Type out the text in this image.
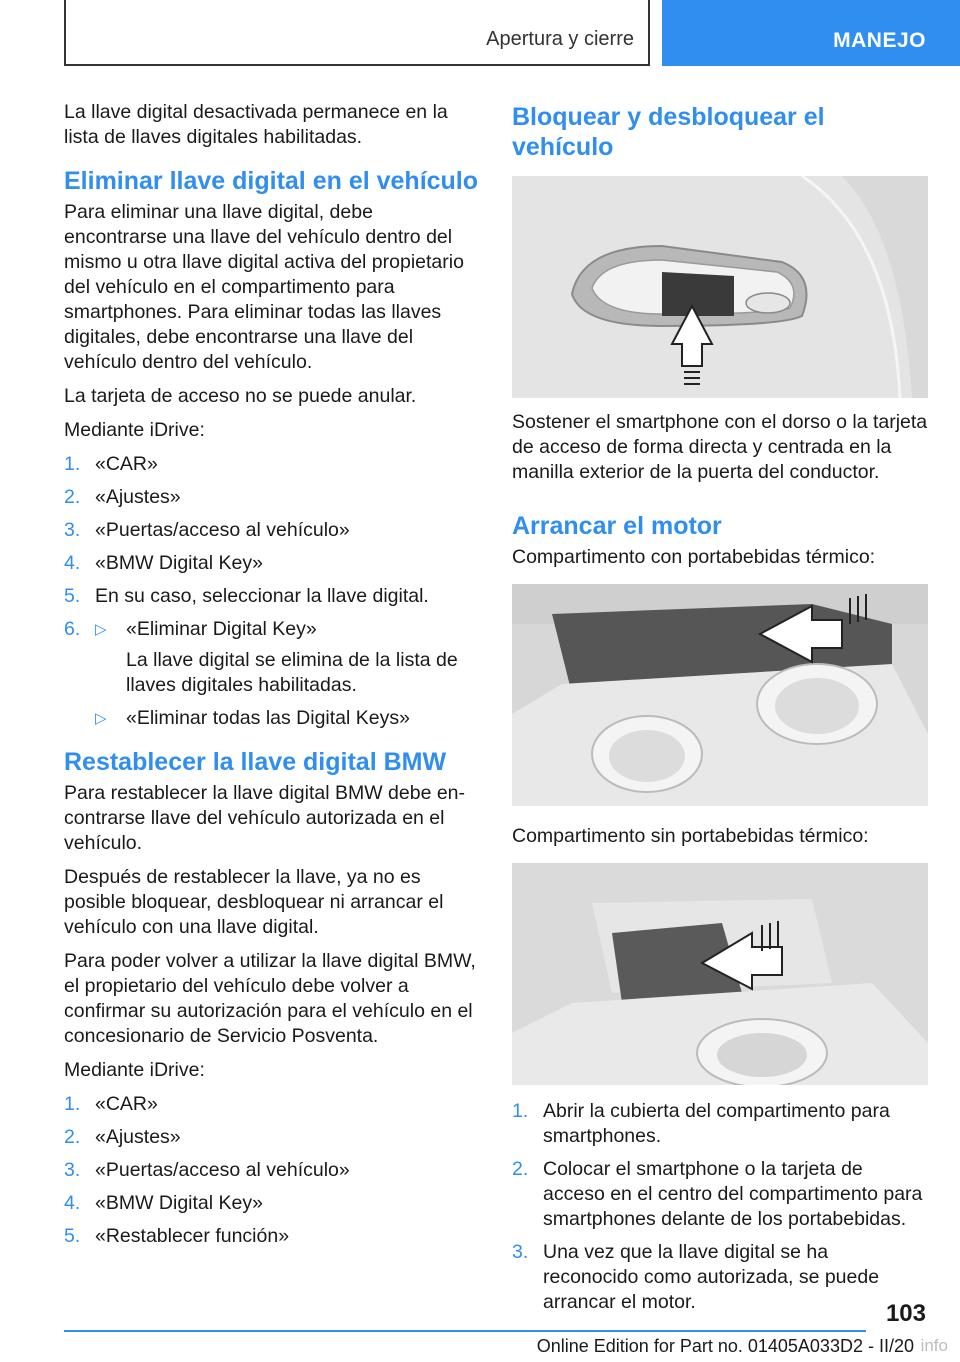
Apertura y cierre	MANEJO

La llave digital desactivada permanece en la lista de llaves digitales habilitadas.

Eliminar llave digital en el vehículo

Para eliminar una llave digital, debe encontrarse una llave del vehículo dentro del mismo u otra llave digital activa del propietario del vehículo en el compartimento para smartphones. Para eliminar todas las llaves digitales, debe encontrarse una llave del vehículo dentro del vehículo.

La tarjeta de acceso no se puede anular.

Mediante iDrive:

1. «CAR»
2. «Ajustes»
3. «Puertas/acceso al vehículo»
4. «BMW Digital Key»
5. En su caso, seleccionar la llave digital.
6. ▷ «Eliminar Digital Key»

La llave digital se elimina de la lista de llaves digitales habilitadas.

▷ «Eliminar todas las Digital Keys»
Restablecer la llave digital BMW

Para restablecer la llave digital BMW debe encontrarse llave del vehículo autorizada en el vehículo.

Después de restablecer la llave, ya no es posible bloquear, desbloquear ni arrancar el vehículo con una llave digital.

Para poder volver a utilizar la llave digital BMW, el propietario del vehículo debe volver a confirmar su autorización para el vehículo en el concesionario de Servicio Posventa.

Mediante iDrive:

1. «CAR»
2. «Ajustes»
3. «Puertas/acceso al vehículo»
4. «BMW Digital Key»
5. «Restablecer función»
Bloquear y desbloquear el vehículo

Sostener el smartphone con el dorso o la tarjeta de acceso de forma directa y centrada en la manilla exterior de la puerta del conductor.

Arrancar el motor

Compartimento con portabebidas térmico:

Compartimento sin portabebidas térmico:

1. Abrir la cubierta del compartimento para smartphones.
2. Colocar el smartphone o la tarjeta de acceso en el centro del compartimento para smartphones delante de los portabebidas.
3. Una vez que la llave digital se ha reconocido como autorizada, se puede arrancar el motor.	103
Online Edition for Part no. 01405A033D2 - II/20 info
